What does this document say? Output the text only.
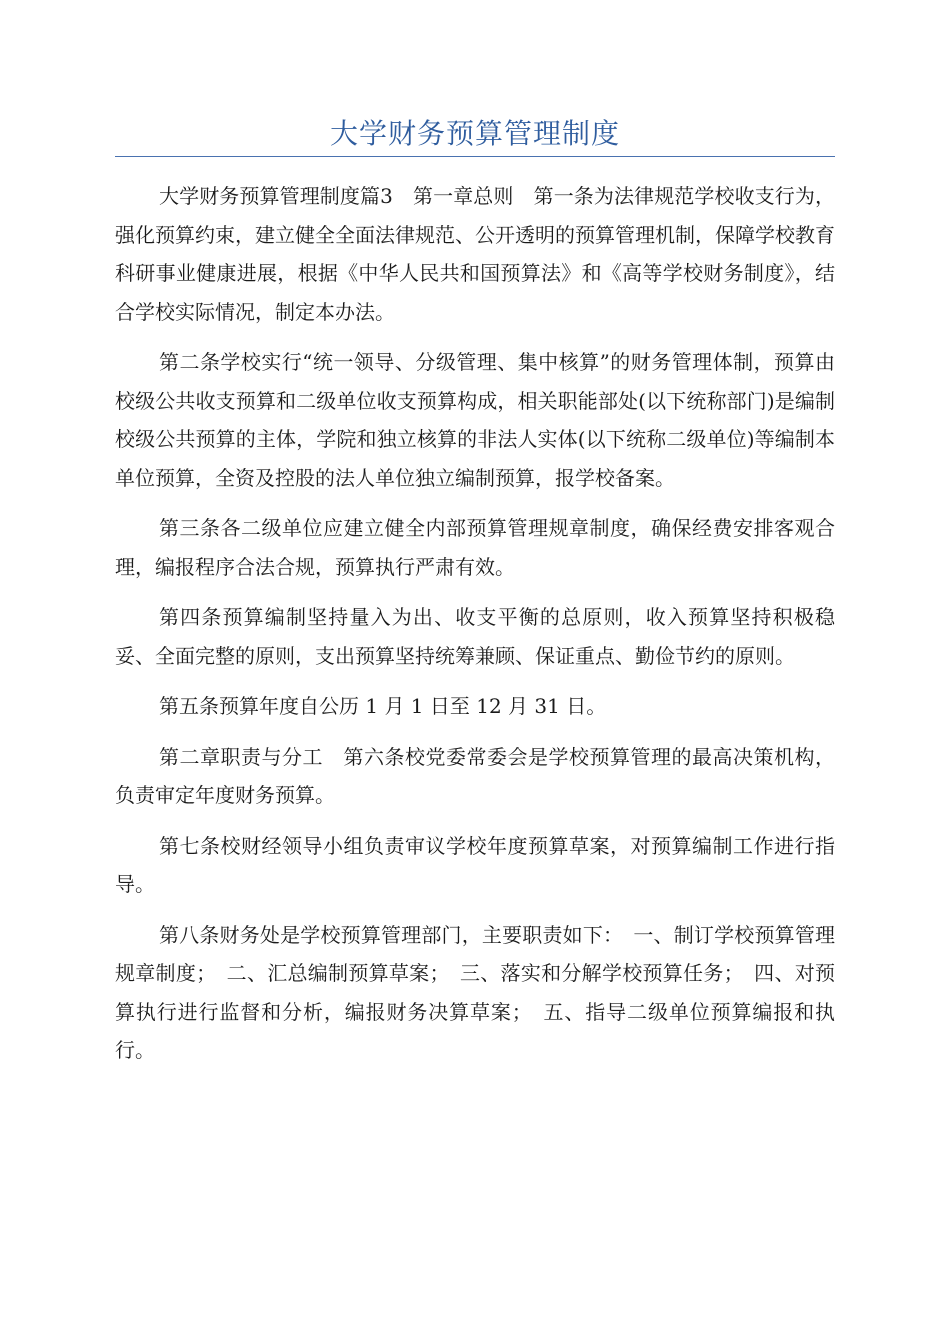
大学财务预算管理制度

大学财务预算管理制度篇3　第一章总则　第一条为法律规范学校收支行为，强化预算约束，建立健全全面法律规范、公开透明的预算管理机制，保障学校教育科研事业健康进展，根据《中华人民共和国预算法》和《高等学校财务制度》，结合学校实际情况，制定本办法。

第二条学校实行“统一领导、分级管理、集中核算”的财务管理体制，预算由校级公共收支预算和二级单位收支预算构成，相关职能部处(以下统称部门)是编制校级公共预算的主体，学院和独立核算的非法人实体(以下统称二级单位)等编制本单位预算，全资及控股的法人单位独立编制预算，报学校备案。

第三条各二级单位应建立健全内部预算管理规章制度，确保经费安排客观合理，编报程序合法合规，预算执行严肃有效。

第四条预算编制坚持量入为出、收支平衡的总原则，收入预算坚持积极稳妥、全面完整的原则，支出预算坚持统筹兼顾、保证重点、勤俭节约的原则。

第五条预算年度自公历 1 月 1 日至 12 月 31 日。

第二章职责与分工　第六条校党委常委会是学校预算管理的最高决策机构，负责审定年度财务预算。

第七条校财经领导小组负责审议学校年度预算草案，对预算编制工作进行指导。

第八条财务处是学校预算管理部门，主要职责如下：　一、制订学校预算管理规章制度；　二、汇总编制预算草案；　三、落实和分解学校预算任务；　四、对预算执行进行监督和分析，编报财务决算草案；　五、指导二级单位预算编报和执行。
